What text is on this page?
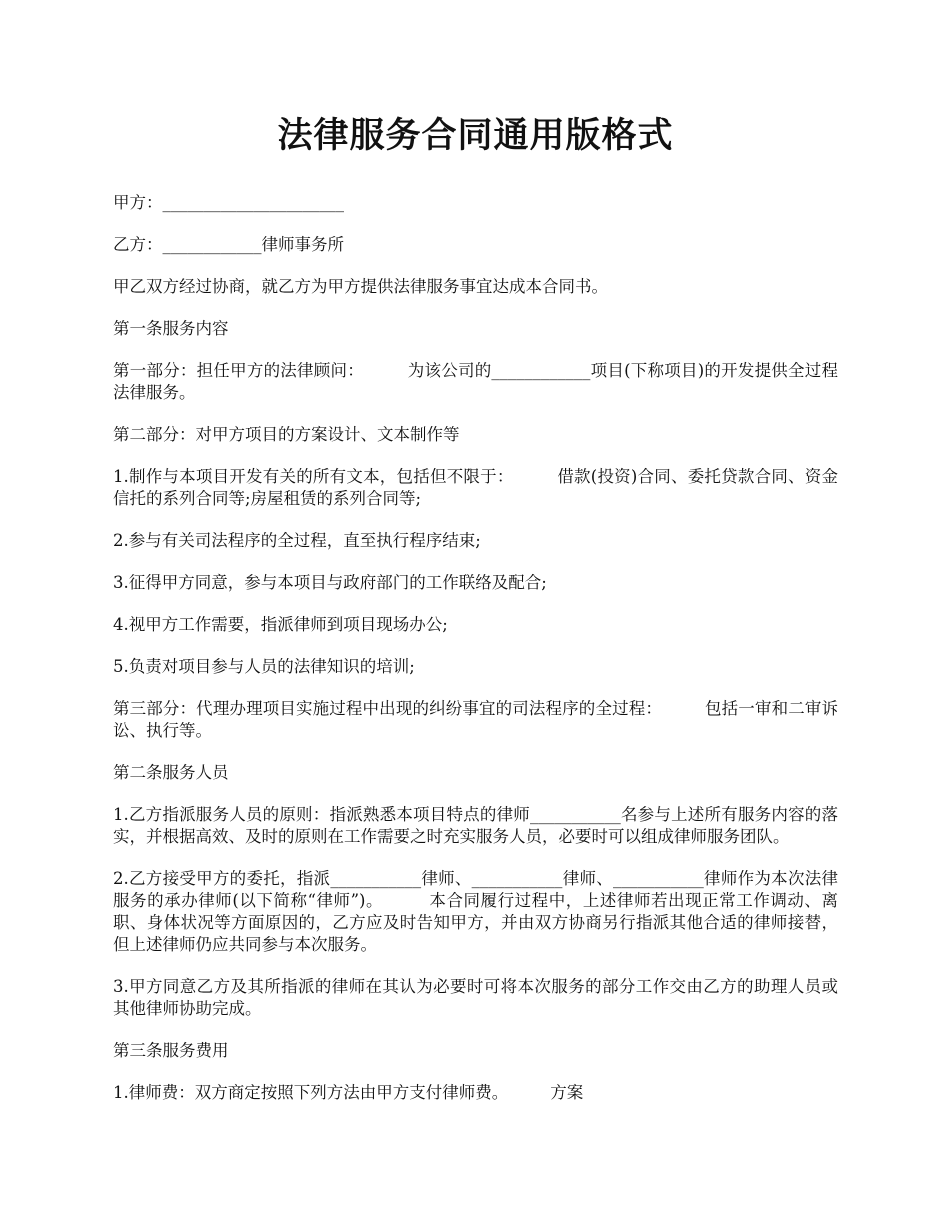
法律服务合同通用版格式

甲方：______________________

乙方：____________律师事务所

甲乙双方经过协商，就乙方为甲方提供法律服务事宜达成本合同书。

第一条服务内容

第一部分：担任甲方的法律顾问：        为该公司的____________项目(下称项目)的开发提供全过程法律服务。

第二部分：对甲方项目的方案设计、文本制作等

1.制作与本项目开发有关的所有文本，包括但不限于：        借款(投资)合同、委托贷款合同、资金信托的系列合同等;房屋租赁的系列合同等;

2.参与有关司法程序的全过程，直至执行程序结束;

3.征得甲方同意，参与本项目与政府部门的工作联络及配合;

4.视甲方工作需要，指派律师到项目现场办公;

5.负责对项目参与人员的法律知识的培训;

第三部分：代理办理项目实施过程中出现的纠纷事宜的司法程序的全过程：        包括一审和二审诉讼、执行等。

第二条服务人员

1.乙方指派服务人员的原则：指派熟悉本项目特点的律师___________名参与上述所有服务内容的落实，并根据高效、及时的原则在工作需要之时充实服务人员，必要时可以组成律师服务团队。

2.乙方接受甲方的委托，指派___________律师、___________律师、___________律师作为本次法律服务的承办律师(以下简称“律师”)。        本合同履行过程中，上述律师若出现正常工作调动、离职、身体状况等方面原因的，乙方应及时告知甲方，并由双方协商另行指派其他合适的律师接替，但上述律师仍应共同参与本次服务。

3.甲方同意乙方及其所指派的律师在其认为必要时可将本次服务的部分工作交由乙方的助理人员或其他律师协助完成。

第三条服务费用

1.律师费：双方商定按照下列方法由甲方支付律师费。        方案
